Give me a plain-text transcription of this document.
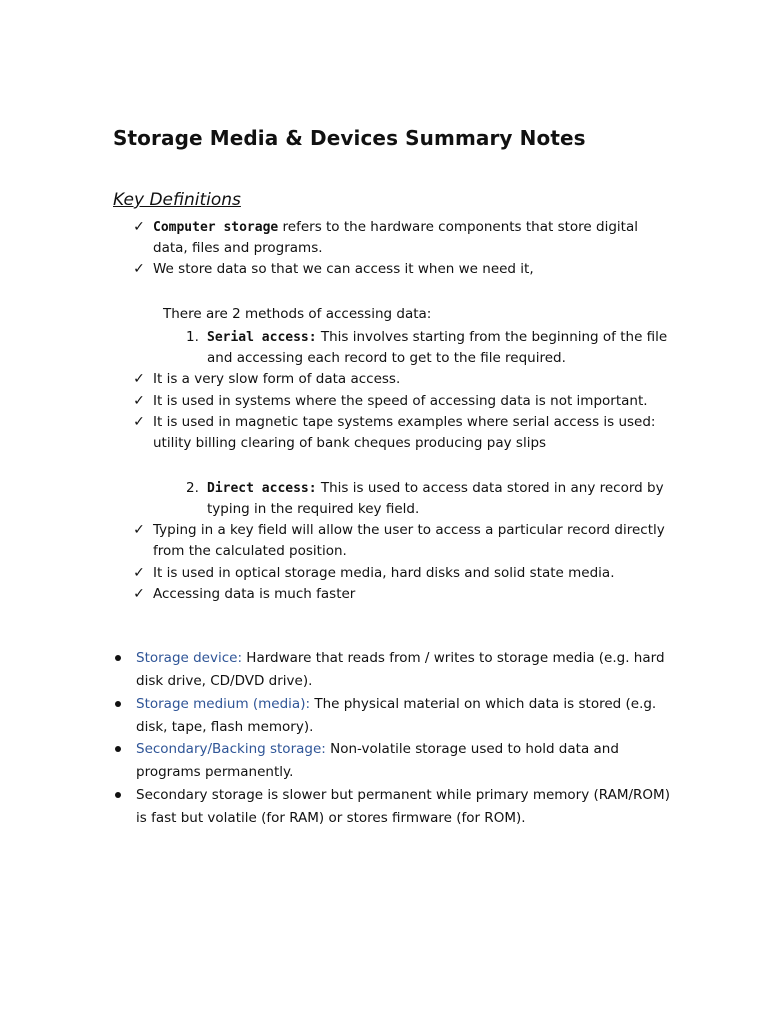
Storage Media & Devices Summary Notes
Key Definitions
✓ Computer storage refers to the hardware components that store digital
data, files and programs.
✓ We store data so that we can access it when we need it,
There are 2 methods of accessing data:
1. Serial access: This involves starting from the beginning of the file
and accessing each record to get to the file required.
✓ It is a very slow form of data access.
✓ It is used in systems where the speed of accessing data is not important.
✓ It is used in magnetic tape systems examples where serial access is used:
utility billing clearing of bank cheques producing pay slips
2. Direct access: This is used to access data stored in any record by
typing in the required key field.
✓ Typing in a key field will allow the user to access a particular record directly
from the calculated position.
✓ It is used in optical storage media, hard disks and solid state media.
✓ Accessing data is much faster
Storage device: Hardware that reads from / writes to storage media (e.g. hard
disk drive, CD/DVD drive).
Storage medium (media): The physical material on which data is stored (e.g.
disk, tape, flash memory).
Secondary/Backing storage: Non-volatile storage used to hold data and
programs permanently.
Secondary storage is slower but permanent while primary memory (RAM/ROM)
is fast but volatile (for RAM) or stores firmware (for ROM).
